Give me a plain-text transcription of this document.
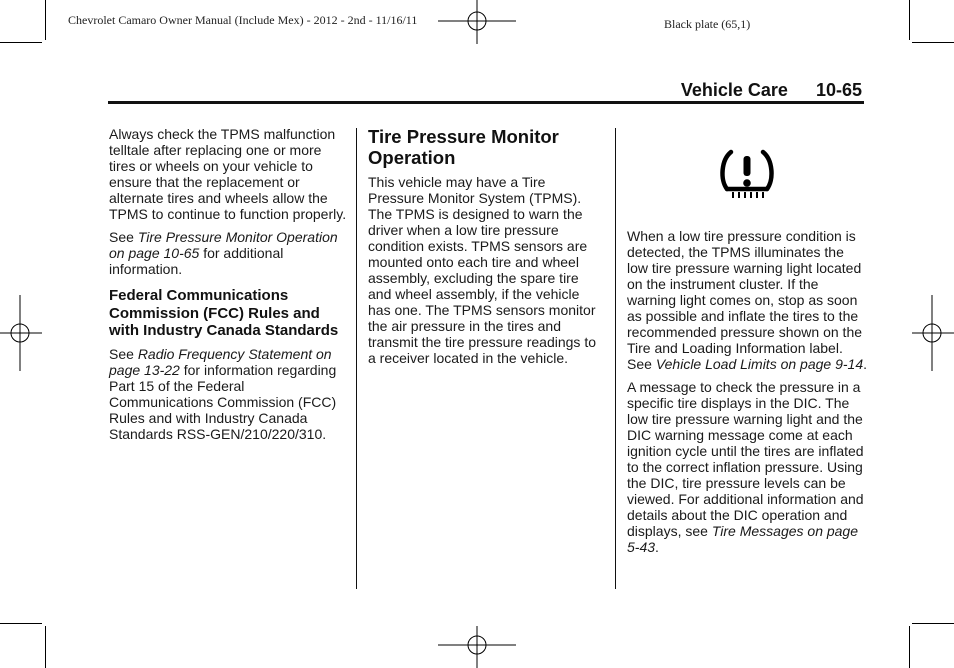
Chevrolet Camaro Owner Manual (Include Mex) - 2012 - 2nd - 11/16/11	Black plate (65,1)
Vehicle Care 10-65

Always check the TPMS malfunction telltale after replacing one or more tires or wheels on your vehicle to ensure that the replacement or alternate tires and wheels allow the TPMS to continue to function properly.

See Tire Pressure Monitor Operation on page 10-65 for additional information.

Federal Communications Commission (FCC) Rules and with Industry Canada Standards

See Radio Frequency Statement on page 13-22 for information regarding Part 15 of the Federal Communications Commission (FCC) Rules and with Industry Canada Standards RSS-GEN/210/220/310.

Tire Pressure Monitor Operation

This vehicle may have a Tire Pressure Monitor System (TPMS). The TPMS is designed to warn the driver when a low tire pressure condition exists. TPMS sensors are mounted onto each tire and wheel assembly, excluding the spare tire and wheel assembly, if the vehicle has one. The TPMS sensors monitor the air pressure in the tires and transmit the tire pressure readings to a receiver located in the vehicle.

When a low tire pressure condition is detected, the TPMS illuminates the low tire pressure warning light located on the instrument cluster. If the warning light comes on, stop as soon as possible and inflate the tires to the recommended pressure shown on the Tire and Loading Information label. See Vehicle Load Limits on page 9-14.

A message to check the pressure in a specific tire displays in the DIC. The low tire pressure warning light and the DIC warning message come at each ignition cycle until the tires are inflated to the correct inflation pressure. Using the DIC, tire pressure levels can be viewed. For additional information and details about the DIC operation and displays, see Tire Messages on page 5-43.
